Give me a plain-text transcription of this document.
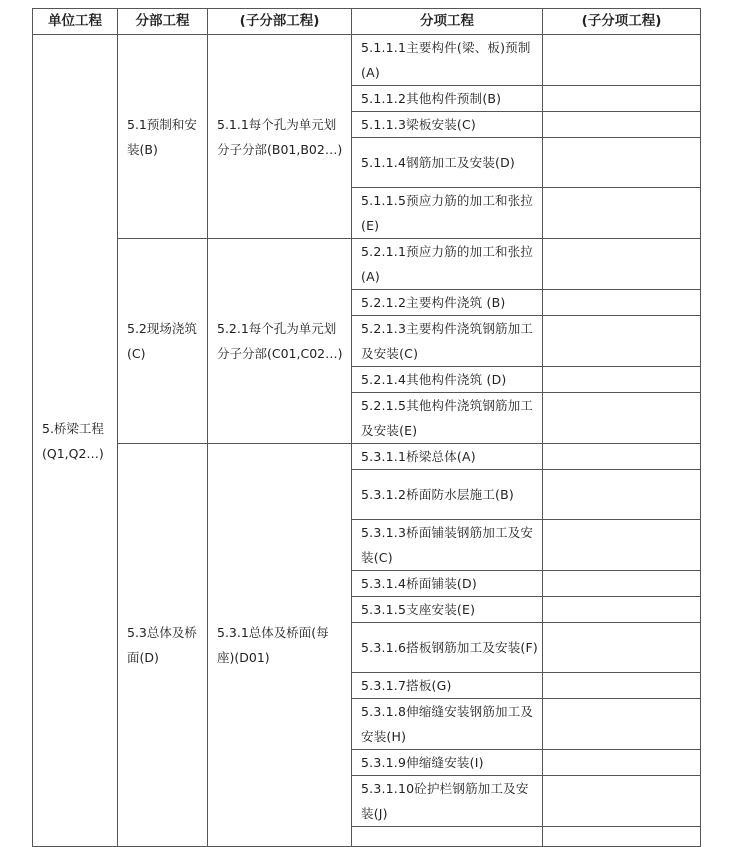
单位工程	分部工程	(子分部工程)	分项工程	(子分项工程)
5.桥梁工程(Q1,Q2…)	5.1预制和安装(B)	5.1.1每个孔为单元划分子分部(B01,B02…)	5.1.1.1主要构件(梁、板)预制(A)	
			5.1.1.2其他构件预制(B)	
			5.1.1.3梁板安装(C)	
			5.1.1.4钢筋加工及安装(D)	
			5.1.1.5预应力筋的加工和张拉(E)	
	5.2现场浇筑(C)	5.2.1每个孔为单元划分子分部(C01,C02…)	5.2.1.1预应力筋的加工和张拉(A)	
			5.2.1.2主要构件浇筑 (B)	
			5.2.1.3主要构件浇筑钢筋加工及安装(C)	
			5.2.1.4其他构件浇筑 (D)	
			5.2.1.5其他构件浇筑钢筋加工及安装(E)	
	5.3总体及桥面(D)	5.3.1总体及桥面(每座)(D01)	5.3.1.1桥梁总体(A)	
			5.3.1.2桥面防水层施工(B)	
			5.3.1.3桥面铺装钢筋加工及安装(C)	
			5.3.1.4桥面铺装(D)	
			5.3.1.5支座安装(E)	
			5.3.1.6搭板钢筋加工及安装(F)	
			5.3.1.7搭板(G)	
			5.3.1.8伸缩缝安装钢筋加工及安装(H)	
			5.3.1.9伸缩缝安装(I)	
			5.3.1.10砼护栏钢筋加工及安装(J)	
